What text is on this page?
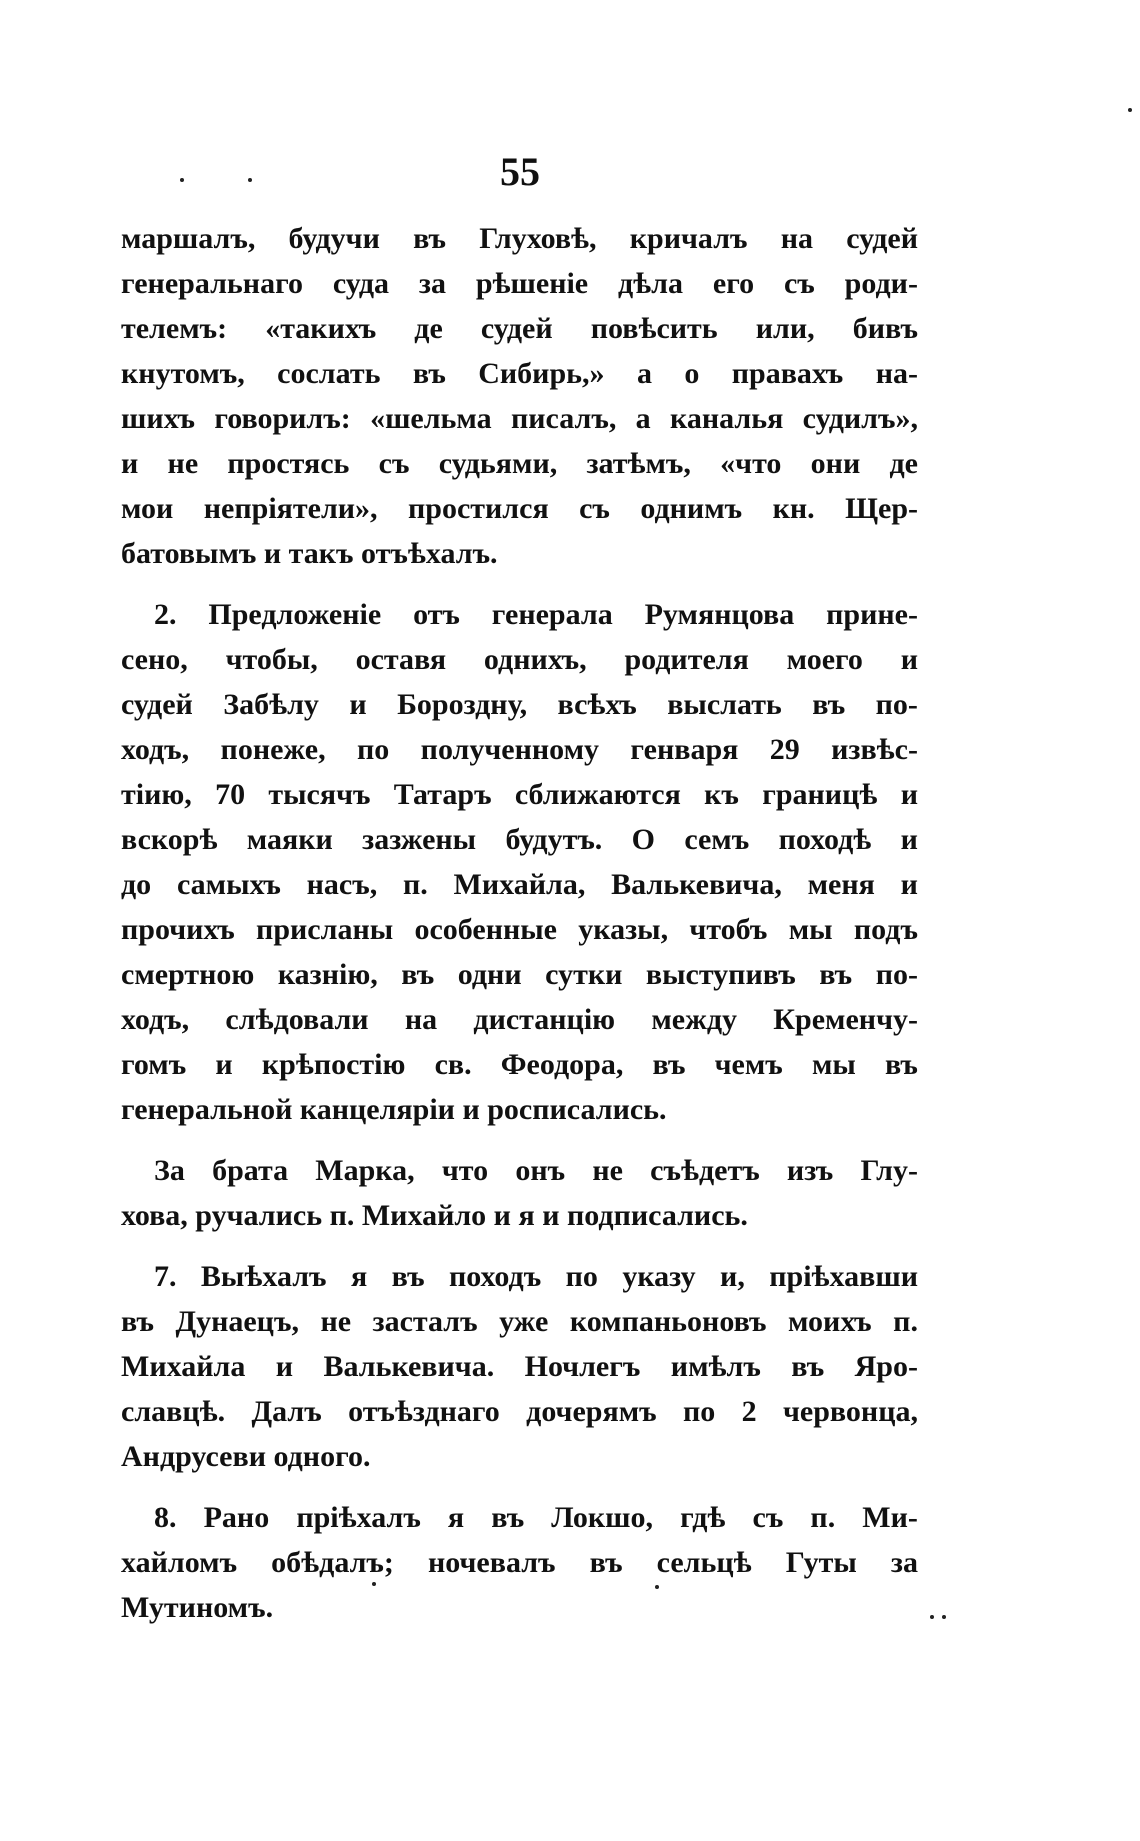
55
маршалъ, будучи въ Глуховѣ, кричалъ на судей
генеральнаго суда за рѣшеніе дѣла его съ роди-
телемъ: «такихъ де судей повѣсить или, бивъ
кнутомъ, сослать въ Сибирь,» а о правахъ на-
шихъ говорилъ: «шельма писалъ, а каналья судилъ»,
и не простясь съ судьями, затѣмъ, «что они де
мои непріятели», простился съ однимъ кн. Щер-
батовымъ и такъ отъѣхалъ.
2. Предложеніе отъ генерала Румянцова прине-
сено, чтобы, оставя однихъ, родителя моего и
судей Забѣлу и Бороздну, всѣхъ выслать въ по-
ходъ, понеже, по полученному генваря 29 извѣс-
тіию, 70 тысячъ Татаръ сближаются къ границѣ и
вскорѣ маяки зазжены будутъ. О семъ походѣ и
до самыхъ насъ, п. Михайла, Валькевича, меня и
прочихъ присланы особенные указы, чтобъ мы подъ
смертною казнію, въ одни сутки выступивъ въ по-
ходъ, слѣдовали на дистанцію между Кременчу-
гомъ и крѣпостію св. Феодора, въ чемъ мы въ
генеральной канцеляріи и росписались.
За брата Марка, что онъ не съѣдетъ изъ Глу-
хова, ручались п. Михайло и я и подписались.
7. Выѣхалъ я въ походъ по указу и, пріѣхавши
въ Дунаецъ, не засталъ уже компаньоновъ моихъ п.
Михайла и Валькевича. Ночлегъ имѣлъ въ Яро-
славцѣ. Далъ отъѣзднаго дочерямъ по 2 червонца,
Андрусеви одного.
8. Рано пріѣхалъ я въ Локшо, гдѣ съ п. Ми-
хайломъ обѣдалъ; ночевалъ въ сельцѣ Гуты за
Мутиномъ.
